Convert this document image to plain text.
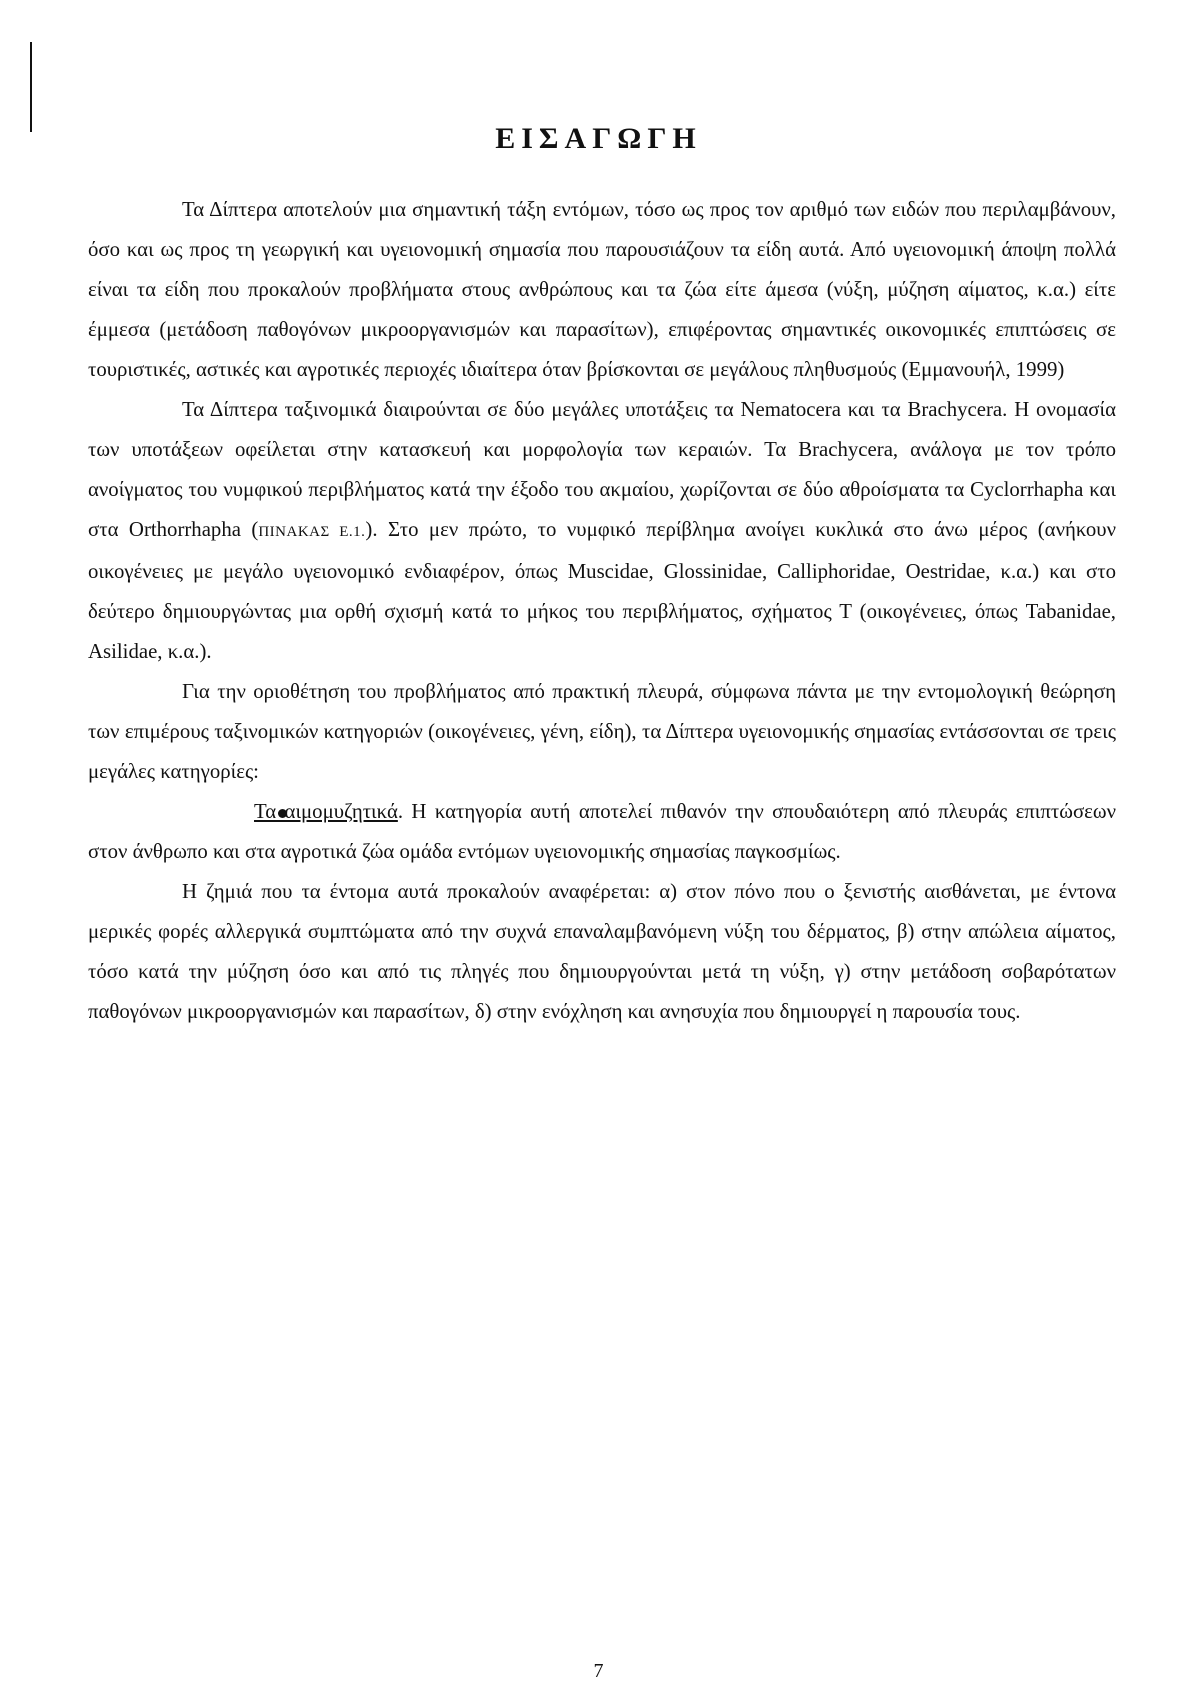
ΕΙΣΑΓΩΓΗ

Τα Δίπτερα αποτελούν μια σημαντική τάξη εντόμων, τόσο ως προς τον αριθμό των ειδών που περιλαμβάνουν, όσο και ως προς τη γεωργική και υγειονομική σημασία που παρουσιάζουν τα είδη αυτά. Από υγειονομική άποψη πολλά είναι τα είδη που προκαλούν προβλήματα στους ανθρώπους και τα ζώα είτε άμεσα (νύξη, μύζηση αίματος, κ.α.) είτε έμμεσα (μετάδοση παθογόνων μικροοργανισμών και παρασίτων), επιφέροντας σημαντικές οικονομικές επιπτώσεις σε τουριστικές, αστικές και αγροτικές περιοχές ιδιαίτερα όταν βρίσκονται σε μεγάλους πληθυσμούς (Εμμανουήλ, 1999)

Τα Δίπτερα ταξινομικά διαιρούνται σε δύο μεγάλες υποτάξεις τα Nematocera και τα Brachycera. Η ονομασία των υποτάξεων οφείλεται στην κατασκευή και μορφολογία των κεραιών. Τα Brachycera, ανάλογα με τον τρόπο ανοίγματος του νυμφικού περιβλήματος κατά την έξοδο του ακμαίου, χωρίζονται σε δύο αθροίσματα τα Cyclorrhapha και στα Orthorrhapha (ΠΙΝΑΚΑΣ Ε.1.). Στο μεν πρώτο, το νυμφικό περίβλημα ανοίγει κυκλικά στο άνω μέρος (ανήκουν οικογένειες με μεγάλο υγειονομικό ενδιαφέρον, όπως Muscidae, Glossinidae, Calliphoridae, Oestridae, κ.α.) και στο δεύτερο δημιουργώντας μια ορθή σχισμή κατά το μήκος του περιβλήματος, σχήματος Τ (οικογένειες, όπως Tabanidae, Asilidae, κ.α.).

Για την οριοθέτηση του προβλήματος από πρακτική πλευρά, σύμφωνα πάντα με την εντομολογική θεώρηση των επιμέρους ταξινομικών κατηγοριών (οικογένειες, γένη, είδη), τα Δίπτερα υγειονομικής σημασίας εντάσσονται σε τρεις μεγάλες κατηγορίες:

Τα αιμομυζητικά. Η κατηγορία αυτή αποτελεί πιθανόν την σπουδαιότερη από πλευράς επιπτώσεων στον άνθρωπο και στα αγροτικά ζώα ομάδα εντόμων υγειονομικής σημασίας παγκοσμίως.

Η ζημιά που τα έντομα αυτά προκαλούν αναφέρεται: α) στον πόνο που ο ξενιστής αισθάνεται, με έντονα μερικές φορές αλλεργικά συμπτώματα από την συχνά επαναλαμβανόμενη νύξη του δέρματος, β) στην απώλεια αίματος, τόσο κατά την μύζηση όσο και από τις πληγές που δημιουργούνται μετά τη νύξη, γ) στην μετάδοση σοβαρότατων παθογόνων μικροοργανισμών και παρασίτων, δ) στην ενόχληση και ανησυχία που δημιουργεί η παρουσία τους.

7
